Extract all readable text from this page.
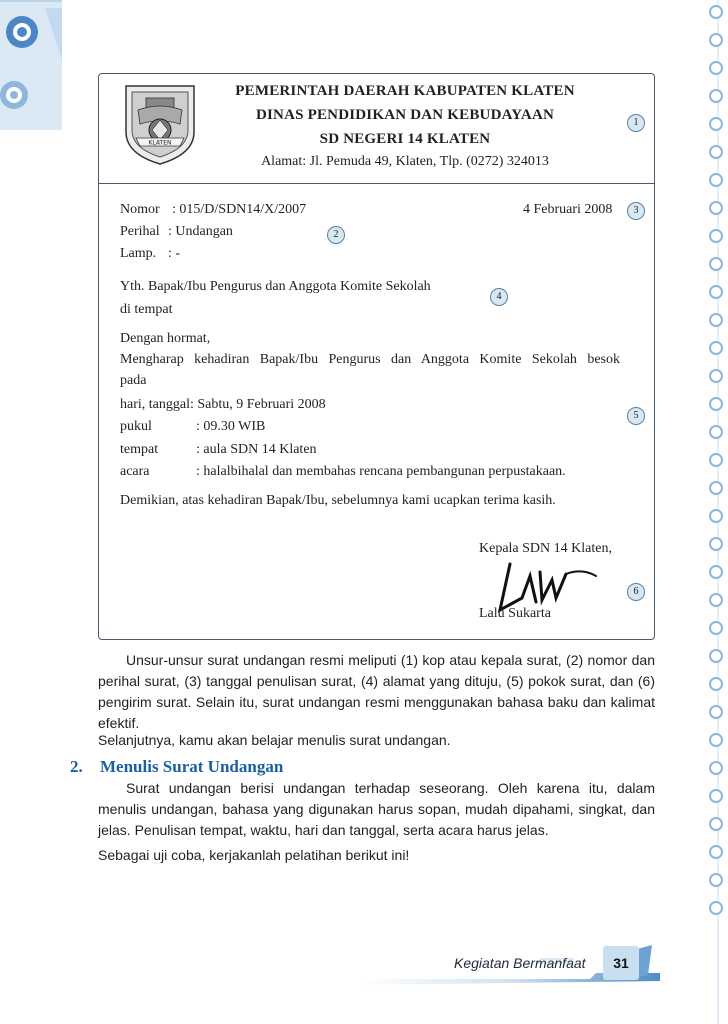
KLATEN
PEMERINTAH DAERAH KABUPATEN KLATEN
DINAS PENDIDIKAN DAN KEBUDAYAAN
SD NEGERI 14 KLATEN
Alamat: Jl. Pemuda 49, Klaten, Tlp. (0272) 324013
1
2
3
4
5
6
Nomor : 015/D/SDN14/X/2007	4 Februari 2008
Perihal : Undangan
Lamp. : -
Yth. Bapak/Ibu Pengurus dan Anggota Komite Sekolah
di tempat
Dengan hormat,
Mengharap kehadiran Bapak/Ibu Pengurus dan Anggota Komite Sekolah besok
pada
hari, tanggal: Sabtu, 9 Februari 2008
pukul	: 09.30 WIB
tempat	: aula SDN 14 Klaten
acara	: halalbihalal dan membahas rencana pembangunan perpustakaan.
Demikian, atas kehadiran Bapak/Ibu, sebelumnya kami ucapkan terima kasih.
Kepala SDN 14 Klaten,
Lalu Sukarta
Unsur-unsur surat undangan resmi meliputi (1) kop atau kepala surat, (2) nomor dan perihal surat, (3) tanggal penulisan surat, (4) alamat yang dituju, (5) pokok surat, dan (6) pengirim surat. Selain itu, surat undangan resmi menggunakan bahasa baku dan kalimat efektif.
Selanjutnya, kamu akan belajar menulis surat undangan.
2. Menulis Surat Undangan
Surat undangan berisi undangan terhadap seseorang. Oleh karena itu, dalam menulis undangan, bahasa yang digunakan harus sopan, mudah dipahami, singkat, dan jelas. Penulisan tempat, waktu, hari dan tanggal, serta acara harus jelas.
Sebagai uji coba, kerjakanlah pelatihan berikut ini!
Kegiatan Bermanfaat	31
